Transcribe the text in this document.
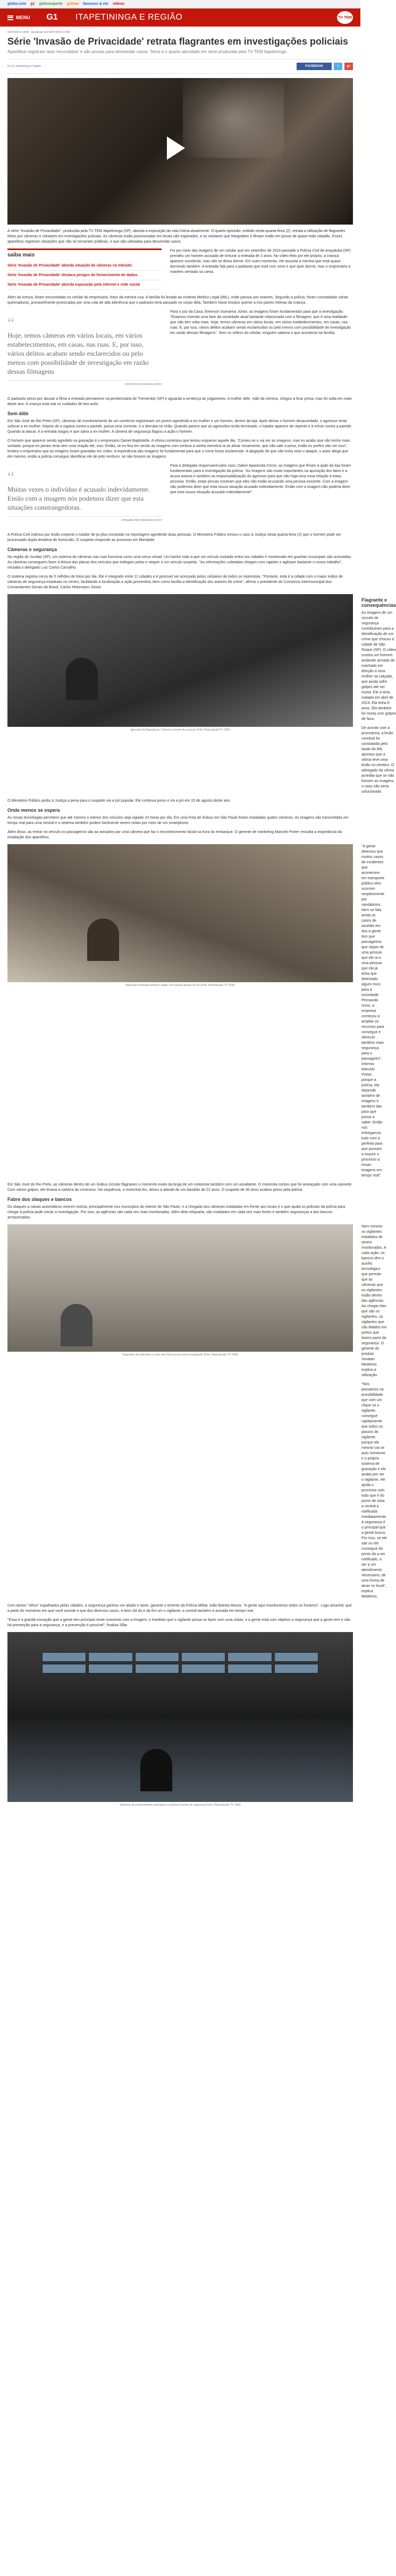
globo.com g1 globoesporte gshow famosos & etc vídeos
MENU G1 ITAPETININGA E REGIÃO	TV TEM
02/07/2014 13h59 - Atualizado em 02/07/2014 17h58
Série 'Invasão de Privacidade' retrata flagrantes em investigações policiais
Aparelhos registram atos 'escondidos' e são provas para desvendar casos. Tema é o quarto abordado em série produzida pela TV TEM Itapetininga.
Do G1 Itapetininga e Região	FACEBOOK	t	g+

A série "Invasão de Privacidade", produzida pela TV TEM Itapetininga (SP), aborda a exposição da vida íntima atualmente. O quarto episódio, exibido nesta quarta-feira (2), retrata a utilização de flagrantes feitos por câmeras e celulares em investigações policiais. As câmeras estão posicionadas em locais não esperados, e os celulares que fotografam e filmam estão em posse de quase todo cidadão. Esses aparelhos registram situações que não se tornariam públicas, e que são utilizadas para desvendar casos.

saiba mais
Série 'Invasão de Privacidade' aborda situação de câmeras no trânsito
Série 'Invasão de Privacidade' destaca perigos do fornecimento de dados
Série 'Invasão de Privacidade' aborda exposição pela internet e rede social

Foi por meio das imagens de um celular que em setembro de 2014 passado a Polícia Civil de Araçatuba (SP) prendeu um homem acusado de torturar a enteada de 2 anos. No vídeo feito por ele próprio, a criança aparece sonolenta, mas não se deixa dormir. Em outro momento, ele assusta a menina que está quase dormindo também. A enteada fala para o padrasto que está com sono e que quer dormir, mas o empresário a mantém sentada na cama.

Além da tortura, foram encontradas no celular do empresário, fotos da menina nua. A família foi levada ao Instituto Médico Legal (IML), onde passou por exames. Segundo a polícia, foram constatadas várias queimaduras, provavelmente provocadas por uma cola de alta aderência que o padrasto teria passado no corpo dela. Também havia residuo quente a nos partes íntimas da criança.

“
Hoje, temos câmeras em vários locais, em vários estabelecimentos, em casas, nas ruas. E, por isso, vários delitos acabam sendo esclarecidos ou pelo menos com possibilidade de investigação em razão dessas filmagens
José Emerson Sumariva Júnior

Para o juiz da Casa, Emerson Sumariva Júnior, as imagens foram fundamentais para que a investigação. "Estamos vivendo uma fase da sociedade atual bastante relacionada com a filmagem, que é uma realidade que não tem volta mais. Hoje, temos câmeras em vários locais, em vários estabelecimentos, em casas, nas ruas. E, por isso, vários delitos acabam sendo esclarecidos ou pelo menos com possibilidade de investigação em razão dessas filmagens". Sem os vídeos do celular, ninguém saberia o que acontecia na família.

O padrasto preso por abusar a filma a enteada permanece na penitenciária de Tremembé (SP) e aguarda a sentença do julgamento. A mulher dele, mãe da menina, chegou a ficar presa, mas foi solta em maio deste ano. A criança está sob os cuidados de tios-avôs.

Sem álibi

Em São José do Rio Preto (SP), câmeras de monitoramento de um comércio registraram um jovem agredindo a ex-mulher e um homem, dentro da loja. Após deixar o homem desacordado, o agressor tenta sufocar a ex-mulher. Depois de a vigiava contra a parede, passa uma corrente, e a derruba no chão. Quando parece que as agressões terão terminado, o lutador aparece de repente e a erhue contra a parede. Quando ia atacar, é a entrada rasgou e que salva a ex-mulher. A câmera de segurança flagrou a ação o homem.

O homem que aparece sendo agredido na gravação é o empresário Daniel Baptistella. A vítima comentou que tentou esquecer aquele dia. "Comeu-se o vai ver as imagens, mas eu acabo que não tenho mais vontade, porque eu jamais teria nem uma reação ele, isso. Então, se eu fica em vendo as imagens com certeza a minha memória ia se ativar novamente, que não vale a pena, então eu prefiro não ver isso", lembra o empresário que as imagens foram gravadas em vídeo. A importância das imagens foi fundamental para que o crime fosse esclarecido. A alegação de que não tinha visto o ataque, o autor alega que ele mesmo, então a polícia consegue identificar ele de jeito nenhum, se não fossem as imagens.

“
Muitas vezes o indivíduo é acusado indevidamente. Então com a imagem nós podemos dizer que esta situações constrangedoras.
Delegada Dalice Aparecida Ceron

Para a delegada responsável pelo caso, Dalice Aparecida Ceron, as imagens que flmam a ação da loja foram fundamentais para a investigação da polícia. "As imagens são muito importantes na apuração dos fatos e a acusa autoria e também na responsabilização do agressor para que não haja uma nova relação a estas pessoas. Então, estas provas mostram que eles não estão acusando uma pessoa inocente. Com a imagem não podemos dizer que esta souza situação acusado indevidamente. Então com a imagem não poderia dizer que esta souza situação acusado indevidamente".

A Polícia Civil indiciou por lesão corporal o lutador de jiu-jitsu mostrado na reportagem agredindo duas pessoas. O Ministério Público enviou o caso à Justiça nesta quarta-feira (2) que o homem pode ser processado dupla tentativa de homicídio. O suspeito responde ao processo em liberdade.

Câmeras e segurança

No região de Jundiaí (SP), um sistema de câmeras nas ruas funciona como uma cerca virtual. Um banho rodo a que um veículo roubado entra nos cidades é monitorado em guaritas municipais são acionadas. As câmeras conseguem fazer a leitura das placas dos veículos que trafegam pelas e sequer o um veículo suspeito. "As informações coletadas chegam com rapidez e agilizam bastante o nosso trabalho", ressalta o delegado Luiz Carlos Carvalho.

O sistema registra cerca de 5 milhões de fotos por dia. Ele é integrado entre 11 cidades e é possível ser acessado pelos celulares de todos os motoristas. "Portanto, está é a cidade com o maior índice de câmeras de segurança estaduais no centro, facilitando a localização a ação preventiva, bem como facilita a identificação dos autores de crime", afirma o presidente do Consórcio Intermunicipal dos Comandantes Gerais da Brasil, Carlos Heitzmann Júnior.

Agressão foi flagrada por Câmera e homem ficou preso (Foto: Reprodução/TV TEM)
Flagrante e consequências

As imagens de um circuito de segurança contribuíram para a identificação de um crime que chocou a cidade de São Roque (SP). O vídeo mostra um homem andando armado de machado em direção a uma mulher na calçada, que ainda sofre golpes até ser morta. Ele a teria matado em abril de 2014. Ela tinha 6 anos. Ela também foi morta com golpes de faca.

De acordo com a promotoria, a lesão cerebral foi constatada pelo laudo do IML apontou que a vítima teve uma lesão no cérebro. O advogado da vítima acredita que se não fossem as imagens, o caso não seria solucionado.

O Ministério Público pediu à Justiça a pena para o suspeito via a júri popular. Ele continua preso e irá a júri em 15 de agosto deste ano.

Onde menos se espera

As novas tecnologias permitem que até mesmo o interior dos veículos seja vigiado 24 horas por dia. Em uma frota de ônibus em São Paulo foram instaladas quatro câmeras. As imagens são transmitidas em tempo real para uma central e o sistema também podem facilmente serem vistas por meio de um smartphone.

Além disso, as entrar no veículo os passageiros são ao avisados por uma câmera que faz o reconhecimento facial na hora do embarque. O gerente de marketing Marcelo Porter ressalta a importância da instalação dos aparelhos.

Agressão mostrada menina a andar com pessoa presas por fio (Foto: Reprodução/ TV TEM)

"A gente detectou que muitos casos de incidentes que acontecem em transporte público eles ocorrem simplesmente por vandalismo. Nem se fala ainda os casos de assédio em dos a gente tem que passageiros que sejam de uma pessoa que ele ia a uma pessoa que ela já tinha que detectado algum mico para a sociedade. Pensando nisso, a empresa começou a ampliar os recursos para conseguir e oferecer também mais segurança para o passageiro", informa Marcelo Porter, porque a polícia, ela depende também de imagens e também das para que possa a saber. Então nós entregamos tudo com a perfeita para que possam a exaurir o processo a essas imagens em tempo real".

Em São José do Rio Preto, as câmeras dentro de um ônibus circular flagraram o momento exato da briga de um motorista também com um assaltante. O motorista contou que foi ameaçado com uma canivete. Com vários golpes, ele levava a carteira do criminoso. Na sequência, o motorista fez, ativou a atitude de um bandido de 22 anos. O suspeito de 30 anos acabou preso pela polícia.

Fabre dos olaques e bancos

Os olaques a caixas automáticos vivenm notícia, principalmente nos municípios do interior de São Paulo, e a chegada dos câmeras instaladas em frente aos locais é o que ajuda os policiais da polícia para chegar à polícia pode iniciar a investigação. Por isso, as agências são cada vez mais monitoradas. Além dela relojoaria, são instalados em cada vez mais fortes e também seguranças a dos bancos armazenados.

Flagrantes de explosões a caixa são fortes provas para investigação (Foto: Reprodução/ TV TEM)

Nem mesmo os vigilantes esbatidos de serem monitorados. A cada ação, os bancos têm o auxílio tecnológico que permite que as câmeras que os vigilantes estão dentro das agências. Ao chegar elas que são os vigilantes, os vigilantes que são falados em portos que fazem parte da segurança. O gerente do produto Jonatan Medeiros explica a utilização.

"Nós passamos na possibilidade que com um clique só o vigilante, consegue rapidamente que todos os passos do vigilante, porque ele mesmo vai se auto monitorar e o próprio sistema de gravação e ele acaba por ser o vigilante, ele ajuda o processo com todo que é do ponto de vista a central a notificada imediatamente. A segurança é o principal que a gente busca. Por isso, se ele sair ou ele conseguir do ponto da a ser notificado, a ser a um atendimento necessário, de uma forma de atuar no local", explica Medeiros.

Com tantos "olhos" espalhados pelas cidades, a segurança ganhou um aliado e tanto, garante o tenente da Polícia Militar João Batista Moura. "A gente aqui monitoramos todos os horários". Logo amanhã, que a parte do momento em que você assiste e que dos diversos casos, é bem útil do e da fim um o vigilante, a central também é avisada em tempo real.

"Essa é a grande inovação que a gente tem principal neste momento com a imagem, o imediato que o vigilante possa se fazer com uma vistas, e a gente está com objetivo a segurança que a gente tem e não há prevenção para a segurança, e a prevenção é possível", finaliza Sflar.

Sistemas de monitoramento participam os policiais tenham de segurança (Foto: Reprodução/ TV TEM)
